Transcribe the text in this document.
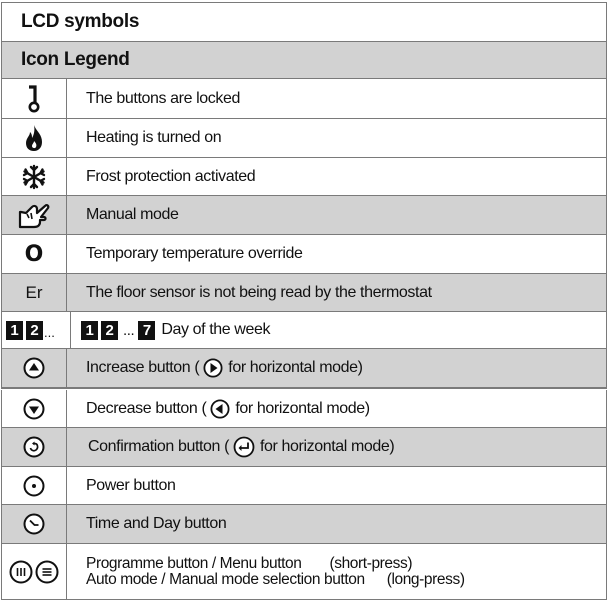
LCD symbols
Icon Legend
The buttons are locked
Heating is turned on
Frost protection activated
Manual mode
O	Temporary temperature override
Er	The floor sensor is not being read by the thermostat
1 2 ...	1 2 ... 7 Day of the week
Increase button ( for horizontal mode)
Decrease button ( for horizontal mode)
Confirmation button ( for horizontal mode)
Power button
Time and Day button
Programme button / Menu button (short-press)
Auto mode / Manual mode selection button (long-press)
